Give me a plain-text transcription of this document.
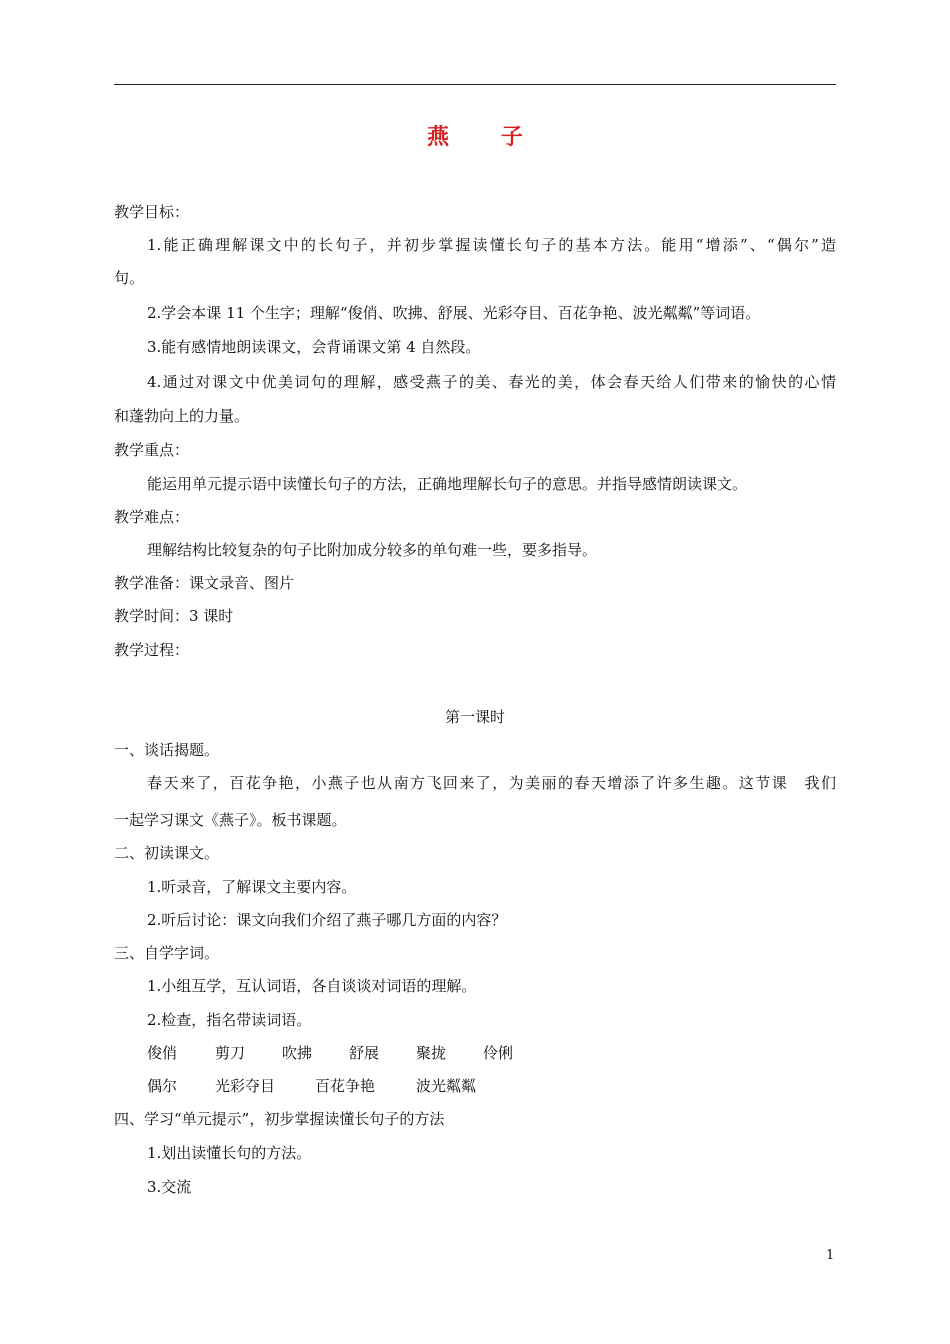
燕 子
教学目标：
1.能正确理解课文中的长句子，并初步掌握读懂长句子的基本方法。能用“增添”、“偶尔”造
句。
2.学会本课 11 个生字；理解“俊俏、吹拂、舒展、光彩夺目、百花争艳、波光粼粼”等词语。
3.能有感情地朗读课文，会背诵课文第 4 自然段。
4.通过对课文中优美词句的理解，感受燕子的美、春光的美，体会春天给人们带来的愉快的心情
和蓬勃向上的力量。
教学重点：
能运用单元提示语中读懂长句子的方法，正确地理解长句子的意思。并指导感情朗读课文。
教学难点：
理解结构比较复杂的句子比附加成分较多的单句难一些，要多指导。
教学准备：课文录音、图片
教学时间：3 课时
教学过程：
第一课时
一、谈话揭题。
春天来了，百花争艳，小燕子也从南方飞回来了，为美丽的春天增添了许多生趣。这节课　我们
一起学习课文《燕子》。板书课题。
二、初读课文。
1.听录音，了解课文主要内容。
2.听后讨论：课文向我们介绍了燕子哪几方面的内容？
三、自学字词。
1.小组互学，互认词语，各自谈谈对词语的理解。
2.检查，指名带读词语。
俊俏	剪刀 吹拂 舒展 聚拢 伶俐
偶尔	光彩夺目	百花争艳	波光粼粼
四、学习“单元提示”，初步掌握读懂长句子的方法
1.划出读懂长句的方法。
3.交流
1
